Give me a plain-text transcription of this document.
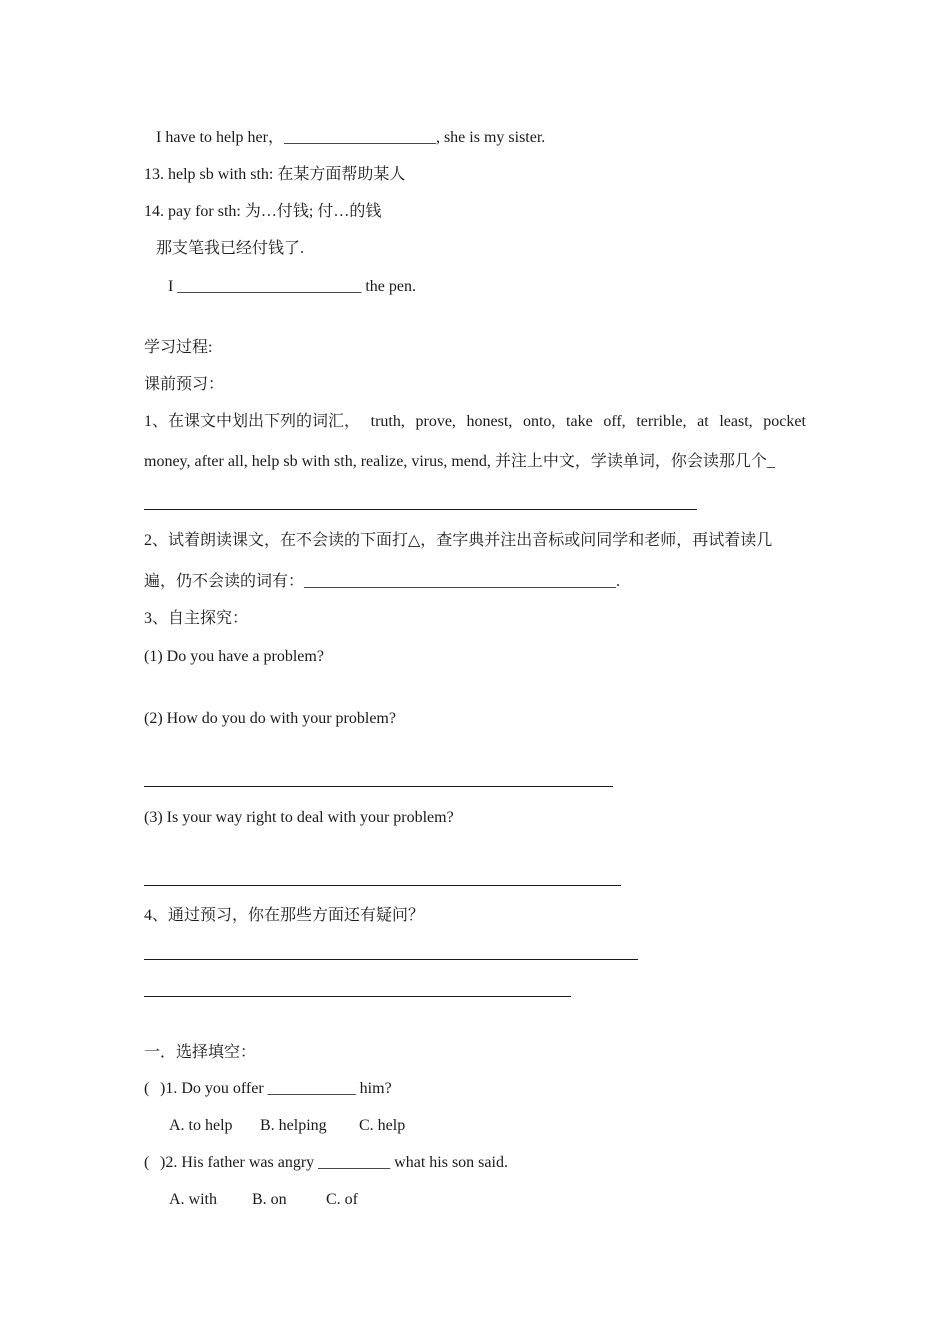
I have to help her，___________________, she is my sister.
13. help sb with sth: 在某方面帮助某人
14. pay for sth: 为…付钱; 付…的钱
那支笔我已经付钱了.
I _______________________ the pen.
学习过程:
课前预习：
1、在课文中划出下列的词汇， truth, prove, honest, onto, take off, terrible, at least, pocket
money, after all, help sb with sth, realize, virus, mend, 并注上中文，学读单词，你会读那几个_
2、试着朗读课文，在不会读的下面打△，查字典并注出音标或问同学和老师，再试着读几
遍，仍不会读的词有：_______________________________________.
3、自主探究：
(1) Do you have a problem?
(2) How do you do with your problem?
(3) Is your way right to deal with your problem?
4、通过预习，你在那些方面还有疑问？
一．选择填空：
( )1. Do you offer ___________ him?
A. to help B. helping C. help
( )2. His father was angry _________ what his son said.
A. with B. on C. of
